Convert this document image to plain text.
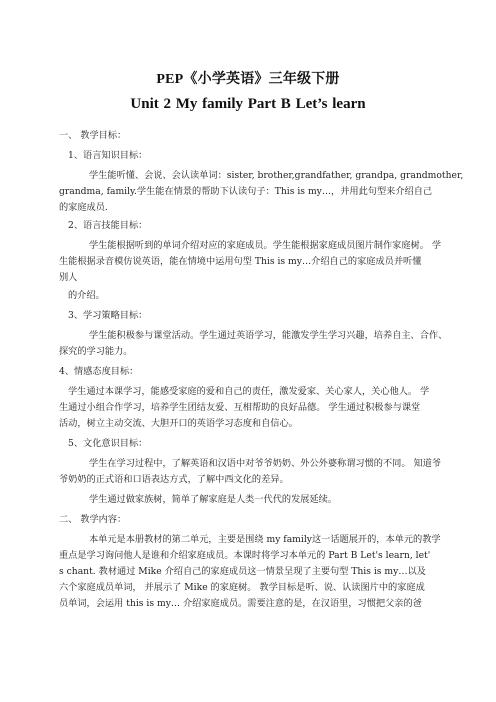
PEP《小学英语》三年级下册
Unit 2 My family Part B Let’s learn
一、 教学目标：
1、语言知识目标：
学生能听懂、会说、会认读单词：sister, brother,grandfather, grandpa, grandmother,
grandma, family.学生能在情景的帮助下认读句子：This is my…，并用此句型来介绍自己
的家庭成员.
2、语言技能目标：
学生能根据听到的单词介绍对应的家庭成员。学生能根据家庭成员图片制作家庭树。 学
生能根据录音模仿说英语，能在情境中运用句型 This is my…介绍自己的家庭成员并听懂
别人
的介绍。
3、学习策略目标：
学生能积极参与课堂活动。学生通过英语学习，能激发学生学习兴趣，培养自主、合作、
探究的学习能力。
4、情感态度目标：
学生通过本课学习，能感受家庭的爱和自己的责任，激发爱家、关心家人，关心他人。 学
生通过小组合作学习，培养学生团结友爱、互相帮助的良好品德。 学生通过积极参与课堂
活动，树立主动交流、大胆开口的英语学习态度和自信心。
5、文化意识目标：
学生在学习过程中，了解英语和汉语中对爷爷奶奶、外公外婆称谓习惯的不同。 知道爷
爷奶奶的正式语和口语表达方式，了解中西文化的差异。
学生通过做家族树，简单了解家庭是人类一代代的发展延续。
二、 教学内容：
本单元是本册教材的第二单元，主要是围绕 my family这一话题展开的，本单元的教学
重点是学习询问他人是谁和介绍家庭成员。本课时将学习本单元的 Part B Let's learn, let'
s chant. 教材通过 Mike 介绍自己的家庭成员这一情景呈现了主要句型 This is my…以及
六个家庭成员单词， 并展示了 Mike 的家庭树。 教学目标是听、说、认读图片中的家庭成
员单词，会运用 this is my… 介绍家庭成员。需要注意的是，在汉语里，习惯把父亲的爸
